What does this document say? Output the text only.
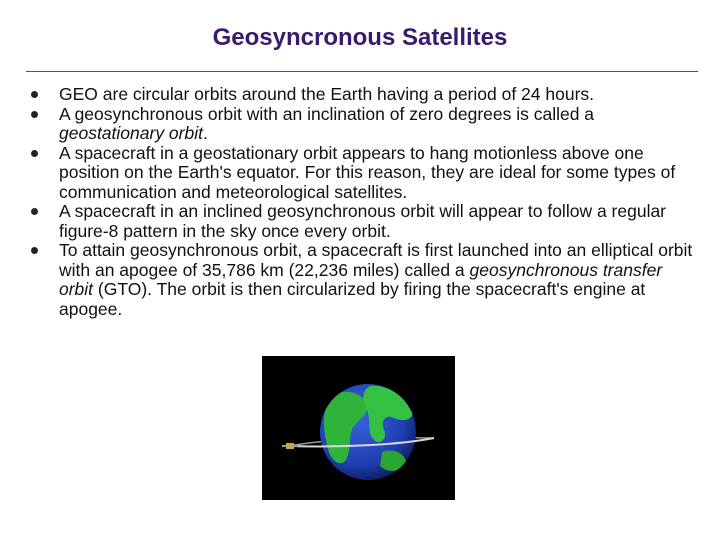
Geosyncronous Satellites
GEO are circular orbits around the Earth having a period of 24 hours.
A geosynchronous orbit with an inclination of zero degrees is called a geostationary orbit.
A spacecraft in a geostationary orbit appears to hang motionless above one position on the Earth's equator. For this reason, they are ideal for some types of communication and meteorological satellites.
A spacecraft in an inclined geosynchronous orbit will appear to follow a regular figure-8 pattern in the sky once every orbit.
To attain geosynchronous orbit, a spacecraft is first launched into an elliptical orbit with an apogee of 35,786 km (22,236 miles) called a geosynchronous transfer orbit (GTO). The orbit is then circularized by firing the spacecraft's engine at apogee.
